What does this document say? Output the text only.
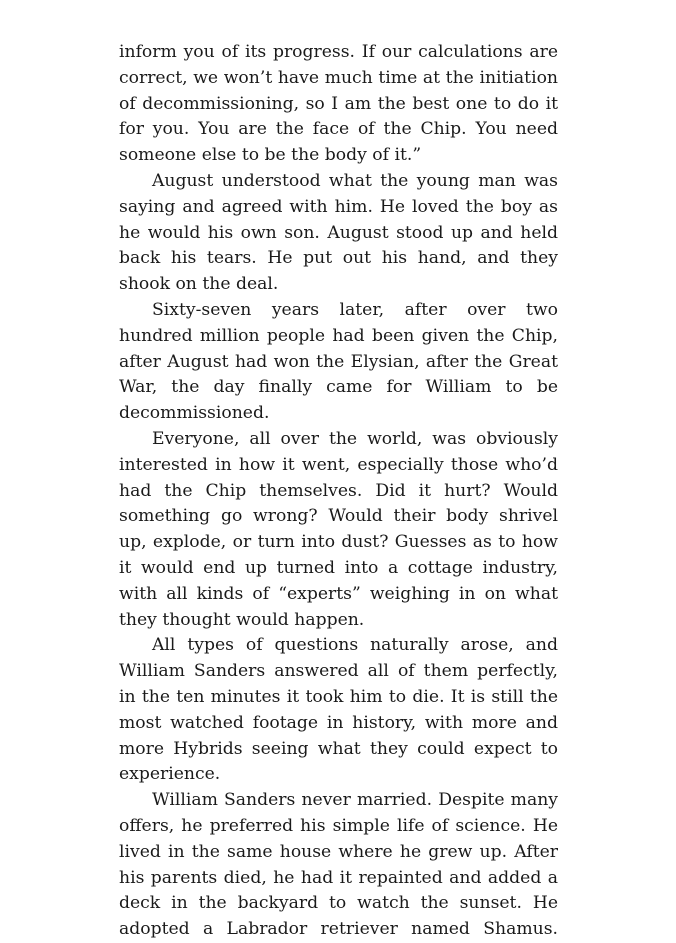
inform you of its progress. If our calculations are correct, we won’t have much time at the initiation of decommissioning, so I am the best one to do it for you. You are the face of the Chip. You need someone else to be the body of it.”

August understood what the young man was saying and agreed with him. He loved the boy as he would his own son. August stood up and held back his tears. He put out his hand, and they shook on the deal.

Sixty-seven years later, after over two hundred million people had been given the Chip, after August had won the Elysian, after the Great War, the day finally came for William to be decommissioned.

Everyone, all over the world, was obviously interested in how it went, especially those who’d had the Chip themselves. Did it hurt? Would something go wrong? Would their body shrivel up, explode, or turn into dust? Guesses as to how it would end up turned into a cottage industry, with all kinds of “experts” weighing in on what they thought would happen.

All types of questions naturally arose, and William Sanders answered all of them perfectly, in the ten minutes it took him to die. It is still the most watched footage in history, with more and more Hybrids seeing what they could expect to experience.

William Sanders never married. Despite many offers, he preferred his simple life of science. He lived in the same house where he grew up. After his parents died, he had it repainted and added a deck in the backyard to watch the sunset. He adopted a Labrador retriever named Shamus.
